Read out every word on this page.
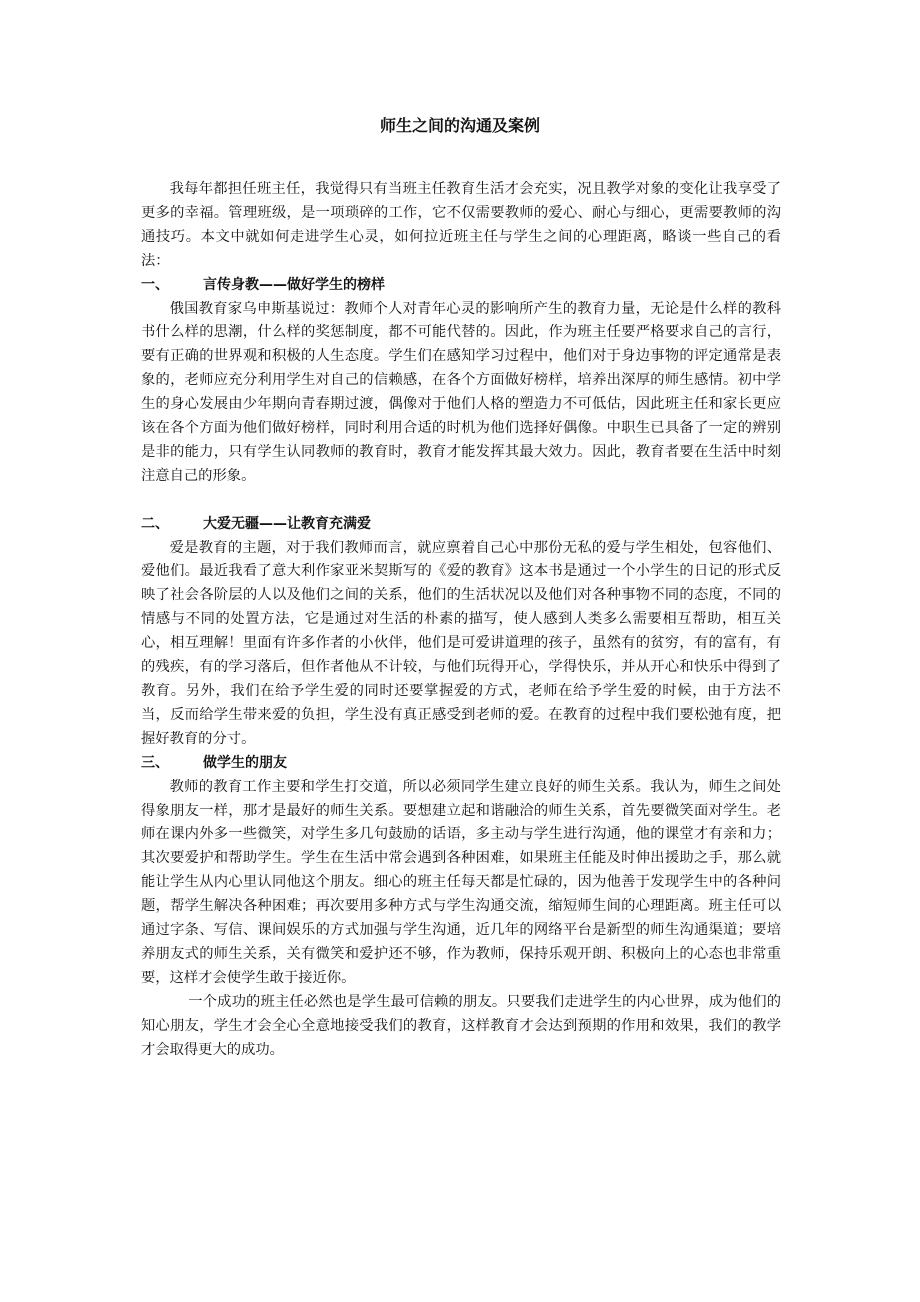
师生之间的沟通及案例

我每年都担任班主任，我觉得只有当班主任教育生活才会充实，况且教学对象的变化让我享受了更多的幸福。管理班级，是一项琐碎的工作，它不仅需要教师的爱心、耐心与细心，更需要教师的沟通技巧。本文中就如何走进学生心灵，如何拉近班主任与学生之间的心理距离，略谈一些自己的看法：

一、	言传身教——做好学生的榜样

俄国教育家乌申斯基说过：教师个人对青年心灵的影响所产生的教育力量，无论是什么样的教科书什么样的思潮，什么样的奖惩制度，都不可能代替的。因此，作为班主任要严格要求自己的言行，要有正确的世界观和积极的人生态度。学生们在感知学习过程中，他们对于身边事物的评定通常是表象的，老师应充分利用学生对自己的信赖感，在各个方面做好榜样，培养出深厚的师生感情。初中学生的身心发展由少年期向青春期过渡，偶像对于他们人格的塑造力不可低估，因此班主任和家长更应该在各个方面为他们做好榜样，同时利用合适的时机为他们选择好偶像。中职生已具备了一定的辨别是非的能力，只有学生认同教师的教育时，教育才能发挥其最大效力。因此，教育者要在生活中时刻注意自己的形象。

二、	大爱无疆——让教育充满爱

爱是教育的主题，对于我们教师而言，就应禀着自己心中那份无私的爱与学生相处，包容他们、爱他们。最近我看了意大利作家亚米契斯写的《爱的教育》这本书是通过一个小学生的日记的形式反映了社会各阶层的人以及他们之间的关系，他们的生活状况以及他们对各种事物不同的态度，不同的情感与不同的处置方法，它是通过对生活的朴素的描写，使人感到人类多么需要相互帮助，相互关心，相互理解！里面有许多作者的小伙伴，他们是可爱讲道理的孩子，虽然有的贫穷，有的富有，有的残疾，有的学习落后，但作者他从不计较，与他们玩得开心，学得快乐，并从开心和快乐中得到了教育。另外，我们在给予学生爱的同时还要掌握爱的方式，老师在给予学生爱的时候，由于方法不当，反而给学生带来爱的负担，学生没有真正感受到老师的爱。在教育的过程中我们要松弛有度，把握好教育的分寸。

三、	做学生的朋友

教师的教育工作主要和学生打交道，所以必须同学生建立良好的师生关系。我认为，师生之间处得象朋友一样，那才是最好的师生关系。要想建立起和谐融洽的师生关系，首先要微笑面对学生。老师在课内外多一些微笑，对学生多几句鼓励的话语，多主动与学生进行沟通，他的课堂才有亲和力；其次要爱护和帮助学生。学生在生活中常会遇到各种困难，如果班主任能及时伸出援助之手，那么就能让学生从内心里认同他这个朋友。细心的班主任每天都是忙碌的，因为他善于发现学生中的各种问题，帮学生解决各种困难；再次要用多种方式与学生沟通交流，缩短师生间的心理距离。班主任可以通过字条、写信、课间娱乐的方式加强与学生沟通，近几年的网络平台是新型的师生沟通渠道；要培养朋友式的师生关系，关有微笑和爱护还不够，作为教师，保持乐观开朗、积极向上的心态也非常重要，这样才会使学生敢于接近你。

一个成功的班主任必然也是学生最可信赖的朋友。只要我们走进学生的内心世界，成为他们的知心朋友，学生才会全心全意地接受我们的教育，这样教育才会达到预期的作用和效果，我们的教学才会取得更大的成功。
